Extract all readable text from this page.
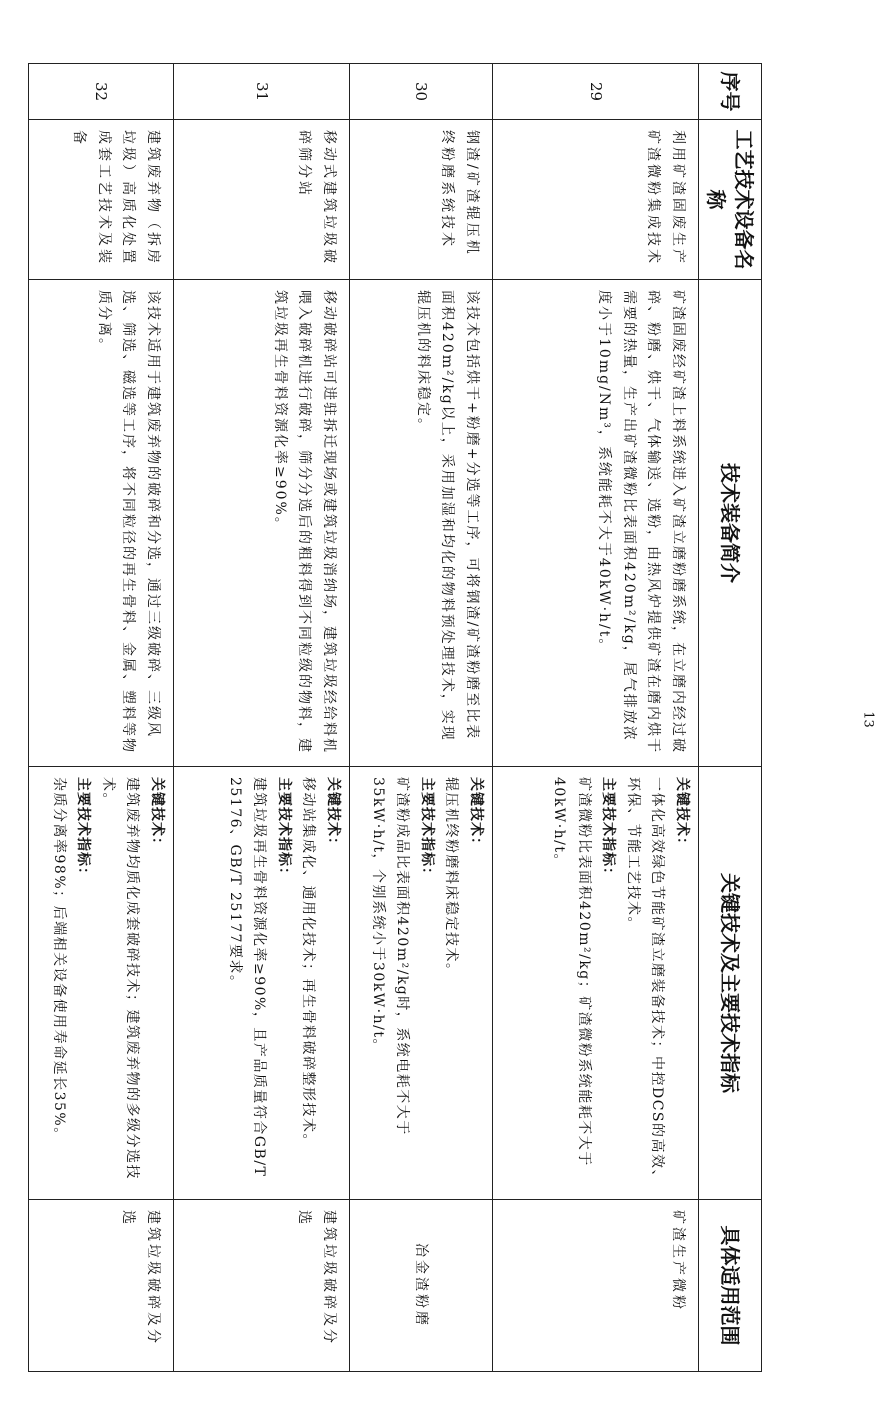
序号	工艺技术设备名称	技术装备简介	关键技术及主要技术指标	具体适用范围
29	利用矿渣固废生产矿渣微粉集成技术	矿渣固废经矿渣上料系统进入矿渣立磨粉磨系统，在立磨内经过破碎、粉磨、烘干、气体输送、选粉，由热风炉提供矿渣在磨内烘干需要的热量，生产出矿渣微粉比表面积420m²/kg，尾气排放浓度小于10mg/Nm³，系统能耗不大于40kW·h/t。	关键技术：
一体化高效绿色节能矿渣立磨装备技术；中控DCS的高效、环保、节能工艺技术。
主要技术指标：
矿渣微粉比表面积420m²/kg；矿渣微粉系统能耗不大于40kW·h/t。	矿渣生产微粉
30	钢渣/矿渣辊压机终粉磨系统技术	该技术包括烘干+粉磨+分选等工序，可将钢渣/矿渣粉磨至比表面积420m²/kg以上，采用加湿和均化的物料预处理技术，实现辊压机的料床稳定。	关键技术：
辊压机终粉磨料床稳定技术。
主要技术指标：
矿渣粉成品比表面积420m²/kg时，系统电耗不大于35kW·h/t，个别系统小于30kW·h/t。	冶金渣粉磨
31	移动式建筑垃圾破碎筛分站	移动破碎站可进驻拆迁现场或建筑垃圾消纳场，建筑垃圾经给料机喂入破碎机进行破碎，筛分分选后的粗料得到不同粒级的物料，建筑垃圾再生骨料资源化率≥90%。	关键技术：
移动站集成化、通用化技术；再生骨料破碎整形技术。
主要技术指标：
建筑垃圾再生骨料资源化率≥90%，且产品质量符合GB/T 25176、GB/T 25177要求。	建筑垃圾破碎及分选
32	建筑废弃物（拆房垃圾）高质化处置成套工艺技术及装备	该技术适用于建筑废弃物的破碎和分选，通过三级破碎、三级风选、筛选、磁选等工序，将不同粒径的再生骨料、金属、塑料等物质分离。	关键技术：
建筑废弃物均质化成套破碎技术；建筑废弃物的多级分选技术。
主要技术指标：
杂质分离率98%；后端相关设备使用寿命延长35%。	建筑垃圾破碎及分选
13
